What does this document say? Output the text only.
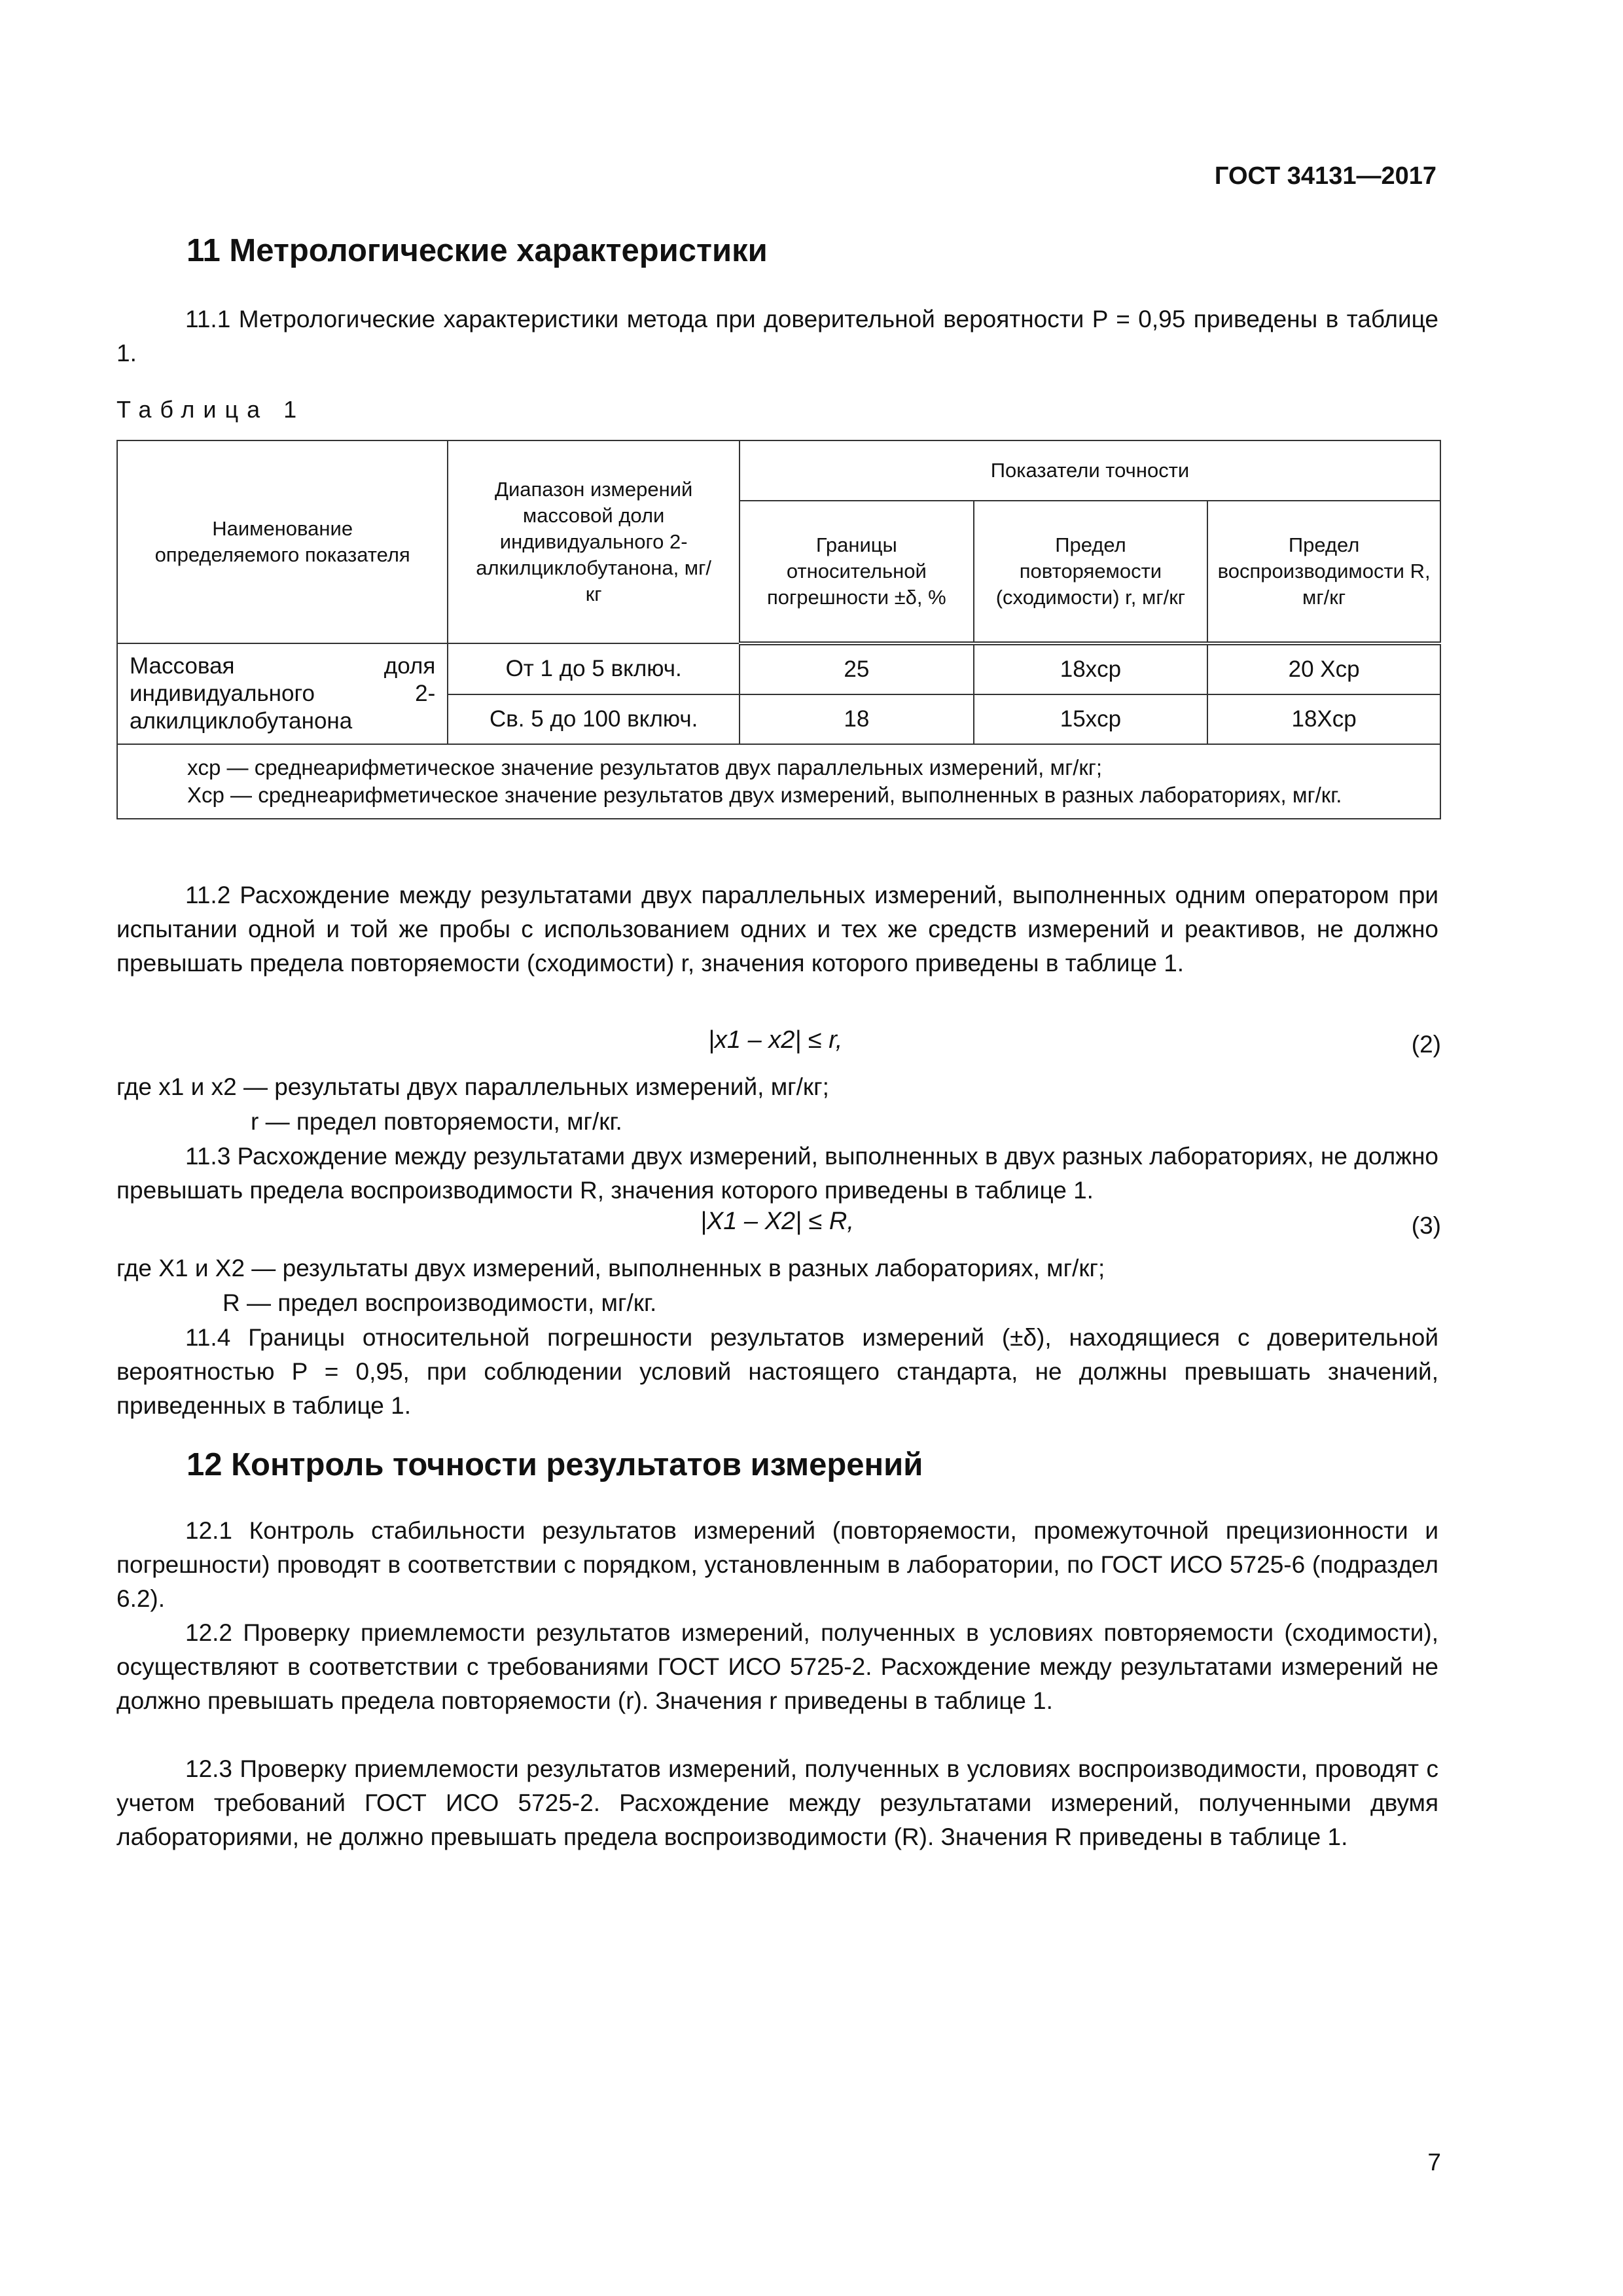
ГОСТ 34131—2017
11 Метрологические характеристики
11.1 Метрологические характеристики метода при доверительной вероятности P = 0,95 приведены в таблице 1.
Таблица 1
Наименование определяемого показателя	Диапазон измерений массовой доли индивидуального 2-алкилциклобутанона, мг/кг	Показатели точности		
		Границы относительной погрешности ±δ, %	Предел повторяемости (сходимости) r, мг/кг	Предел воспроизводимости R, мг/кг
Массовая доля индивидуального 2-алкилциклобутанона	От 1 до 5 включ.	25	18xср	20 Xср
	Св. 5 до 100 включ.	18	15xср	18Xср

xср — среднеарифметическое значение результатов двух параллельных измерений, мг/кг;
Xср — среднеарифметическое значение результатов двух измерений, выполненных в разных лабораториях, мг/кг.				
11.2 Расхождение между результатами двух параллельных измерений, выполненных одним оператором при испытании одной и той же пробы с использованием одних и тех же средств измерений и реактивов, не должно превышать предела повторяемости (сходимости) r, значения которого приведены в таблице 1.
|x1 – x2| ≤ r,	(2)
где x1 и x2 — результаты двух параллельных измерений, мг/кг;
r — предел повторяемости, мг/кг.
11.3 Расхождение между результатами двух измерений, выполненных в двух разных лабораториях, не должно превышать предела воспроизводимости R, значения которого приведены в таблице 1.
|X1 – X2| ≤ R,	(3)
где X1 и X2 — результаты двух измерений, выполненных в разных лабораториях, мг/кг;
R — предел воспроизводимости, мг/кг.
11.4 Границы относительной погрешности результатов измерений (±δ), находящиеся с доверительной вероятностью P = 0,95, при соблюдении условий настоящего стандарта, не должны превышать значений, приведенных в таблице 1.
12 Контроль точности результатов измерений
12.1 Контроль стабильности результатов измерений (повторяемости, промежуточной прецизионности и погрешности) проводят в соответствии с порядком, установленным в лаборатории, по ГОСТ ИСО 5725-6 (подраздел 6.2).
12.2 Проверку приемлемости результатов измерений, полученных в условиях повторяемости (сходимости), осуществляют в соответствии с требованиями ГОСТ ИСО 5725-2. Расхождение между результатами измерений не должно превышать предела повторяемости (r). Значения r приведены в таблице 1.
12.3 Проверку приемлемости результатов измерений, полученных в условиях воспроизводимости, проводят с учетом требований ГОСТ ИСО 5725-2. Расхождение между результатами измерений, полученными двумя лабораториями, не должно превышать предела воспроизводимости (R). Значения R приведены в таблице 1.
7
